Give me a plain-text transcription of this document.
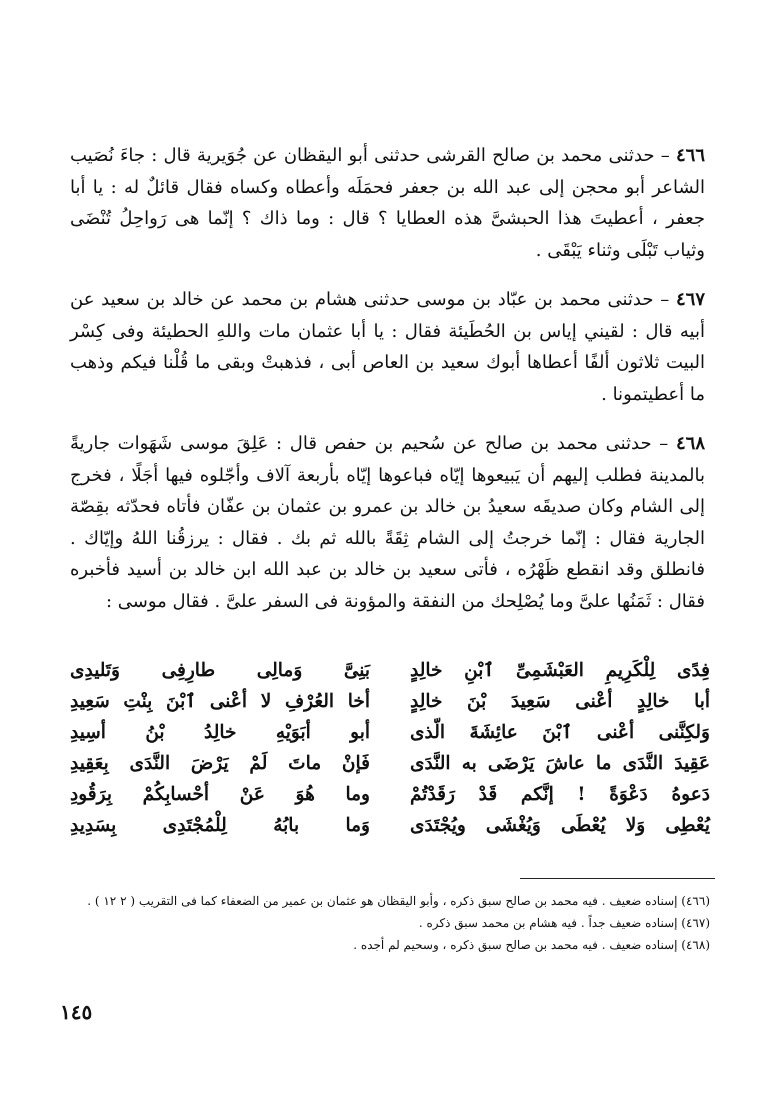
٤٦٦ – حدثنى محمد بن صالح القرشى حدثنى أبو اليقظان عن جُوَيرية قال : جاءَ نُصَيب الشاعر أبو محجن إلى عبد الله بن جعفر فحمَلَه وأعطاه وكساه فقال قائلٌ له : يا أبا جعفر ، أعطيتَ هذا الحبشىَّ هذه العطايا ؟ قال : وما ذاك ؟ إنّما هى رَواحِلُ تُنْضَى وثياب تَبْلَى وثناء يَبْقَى .

٤٦٧ – حدثنى محمد بن عبّاد بن موسى حدثنى هشام بن محمد عن خالد بن سعيد عن أبيه قال : لقيني إياس بن الحُطَيئة فقال : يا أبا عثمان مات واللهِ الحطيئة وفى كِسْر البيت ثلاثون ألفًا أعطاها أبوك سعيد بن العاص أبى ، فذهبتْ وبقى ما قُلْنا فيكم وذهب ما أعطيتمونا .

٤٦٨ – حدثنى محمد بن صالح عن سُحيم بن حفص قال : عَلِقَ موسى شَهَوات جاريةً بالمدينة فطلب إليهم أن يَبيعوها إيّاه فباعوها إيّاه بأربعة آلاف وأجّلوه فيها أجَلًا ، فخرج إلى الشام وكان صديقَه سعيدُ بن خالد بن عمرو بن عثمان بن عفّان فأتاه فحدّثه بقِصّة الجارية فقال : إنّما خرجتُ إلى الشام ثِقَةً بالله ثم بك . فقال : يرزقُنا اللهُ وإيّاك . فانطلق وقد انقطع ظَهْرُه ، فأتى سعيد بن خالد بن عبد الله ابن خالد بن أسيد فأخبره فقال : ثَمَنُها علىَّ وما يُصْلِحك من النفقة والمؤونة فى السفر علىَّ . فقال موسى :

فِدًى لِلْكَرِيمِ العَبْشَمِىِّ ٱبْنِ خالِدٍ
بَنِىَّ وَمالِى طارِفِى وَتَليدِى
أبا خالِدٍ أعْنى سَعِيدَ بْنَ خالِدٍ
أخا العُرْفِ لا أعْنى ٱبْنَ بِنْتِ سَعِيدِ
وَلكِنَّنى أعْنى ٱبْنَ عائِشَةَ الّذى
أبو أبَوَيْهِ خالِدُ بْنُ أسِيدِ
عَقِيدَ النَّدَى ما عاشَ يَرْضَى به النَّدَى
فَإنْ ماتَ لَمْ يَرْضَ النَّدَى بِعَقِيدِ
دَعوهُ دَعْوَةً ! إنَّكم قَدْ رَقَدْتُمْ
وما هُوَ عَنْ أحْسابِكُمْ بِرَقُودِ
يُعْطِى وَلا يُعْطَى وَيُغْشَى ويُجْتَدَى
وَما بابُهُ لِلْمُجْتَدِى بِسَدِيدِ

(٤٦٦) إسناده ضعيف . فيه محمد بن صالح سبق ذكره ، وأبو اليقظان هو عثمان بن عمير من الضعفاء كما فى التقريب ( ٢ ١٢ ) .

(٤٦٧) إسناده ضعيف جداً . فيه هشام بن محمد سبق ذكره .

(٤٦٨) إسناده ضعيف . فيه محمد بن صالح سبق ذكره ، وسحيم لم أجده .

١٤٥
